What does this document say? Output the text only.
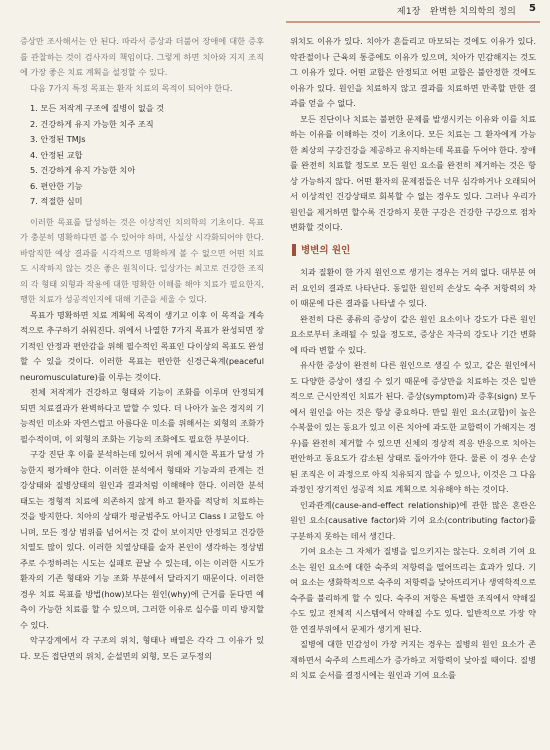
제1장 완벽한 치의학의 정의 5

증상만 조사해서는 안 된다. 따라서 증상과 더불어 장애에 대한 증후를 관찰하는 것이 검사자의 책임이다. 그렇게 하면 치아와 지지 조직에 가장 좋은 치료 계획을 설정할 수 있다.

다음 7가지 특정 목표는 환자 치료의 목적이 되어야 한다.

1. 모든 저작계 구조에 질병이 없을 것
2. 건강하게 유지 가능한 치주 조직
3. 안정된 TMJs
4. 안정된 교합
5. 건강하게 유지 가능한 치아
6. 편안한 기능
7. 적절한 심미

이러한 목표를 달성하는 것은 이상적인 치의학의 기초이다. 목표가 충분히 명확하다면 볼 수 있어야 하며, 사실상 시각화되어야 한다. 바람직한 예상 결과를 시각적으로 명확하게 볼 수 없으면 어떤 치료도 시작하지 않는 것은 좋은 원칙이다. 일상가는 최고로 건강한 조직의 각 형태 외형과 작용에 대한 명확한 이해를 해야 치료가 필요한지, 행한 치료가 성공적인지에 대해 기준을 세울 수 있다.

목표가 명확하면 치료 계획에 목적이 생기고 이후 이 목적을 계속적으로 추구하기 쉬워진다. 위에서 나열한 7가지 목표가 완성되면 장기적인 안정과 편안감을 위해 필수적인 목표인 다이상의 목표도 완성할 수 있을 것이다. 이러한 목표는 편안한 신경근육계(peaceful neuromusculature)를 이루는 것이다.

전체 저작계가 건강하고 형태와 기능이 조화를 이루며 안정되게 되면 치료결과가 완벽하다고 말할 수 있다. 더 나아가 높은 경지의 기능적인 미소와 자연스럽고 아름다운 미소를 위해서는 외형의 조화가 필수적이며, 이 외형의 조화는 기능의 조화에도 필요한 부분이다.

구강 진단 후 이를 분석하는데 있어서 위에 제시한 목표가 달성 가능한지 평가해야 한다. 이러한 분석에서 형태와 기능과의 관계는 건강상태와 질병상태의 원인과 결과처럼 이해해야 한다. 이러한 분석 태도는 정형적 치료에 의존하지 않게 하고 환자를 적당히 치료하는 것을 방지한다. 치아의 상태가 평균범주도 아니고 Class I 교합도 아니며, 모든 정상 범위를 넘어서는 것 같이 보이지만 안정되고 건강한 치열도 많이 있다. 이러한 치열상태를 술자 본인이 생각하는 정상범주로 수정하려는 시도는 실패로 끝날 수 있는데, 이는 이러한 시도가 환자의 기존 형태와 기능 조화 부분에서 달라지기 때문이다. 이러한 경우 치료 목표를 방법(how)보다는 원인(why)에 근거를 둔다면 예측이 가능한 치료를 할 수 있으며, 그러한 이유로 실수를 미리 방지할 수 있다.

악구강계에서 각 구조의 위치, 형태나 배열은 각각 그 이유가 있다. 모든 접단면의 위치, 순설면의 외형, 모든 교두정의

위치도 이유가 있다. 치아가 흔들리고 마모되는 것에도 이유가 있다. 악관절이나 근육의 통증에도 이유가 있으며, 치아가 민감해지는 것도 그 이유가 있다. 어떤 교합은 안정되고 어떤 교합은 불안정한 것에도 이유가 있다. 원인을 치료하지 않고 결과를 치료하면 만족할 만한 결과를 얻을 수 없다.

모든 진단이나 치료는 불편한 문제를 발생시키는 이유와 이를 치료하는 이유를 이해하는 것이 기초이다. 모든 치료는 그 환자에게 가능한 최상의 구강건강을 제공하고 유지하는데 목표를 두어야 한다. 장애를 완전히 치료할 정도로 모든 원인 요소를 완전히 제거하는 것은 항상 가능하지 않다. 어떤 환자의 문제점들은 너무 심각하거나 오래되어서 이상적인 건강상태로 회복할 수 없는 경우도 있다. 그러나 우리가 원인을 제거하면 할수록 건강하지 못한 구강은 건강한 구강으로 점차 변화할 것이다.

병변의 원인

치과 질환이 한 가지 원인으로 생기는 경우는 거의 없다. 대부분 여러 요인의 결과로 나타난다. 동일한 원인의 손상도 숙주 저항력의 차이 때문에 다른 결과를 나타낼 수 있다.

완전히 다른 종류의 증상이 같은 원인 요소이나 강도가 다른 원인 요소로부터 초래될 수 있을 정도로, 증상은 자극의 강도나 기간 변화에 따라 변할 수 있다.

유사한 증상이 완전히 다른 원인으로 생길 수 있고, 같은 원인에서도 다양한 증상이 생길 수 있기 때문에 증상만을 치료하는 것은 일반적으로 근시안적인 치료가 된다. 증상(symptom)과 증후(sign) 모두에서 원인을 아는 것은 항상 중요하다. 만일 원인 요소(교합)이 높은 수복물이 있는 동요가 있고 이른 치아에 과도한 교합력이 가해지는 경우)를 완전히 제거할 수 있으면 신체의 정상적 적응 반응으로 치아는 편안하고 동요도가 감소된 상태로 돌아가야 한다. 물론 이 경우 손상된 조직은 이 과정으로 아직 치유되지 않을 수 있으나, 이것은 그 다음과정인 장기적인 성공적 치료 계획으로 치유해야 하는 것이다.

인과관계(cause-and-effect relationship)에 관한 많은 혼란은 원인 요소(causative factor)와 기여 요소(contributing factor)를 구분하지 못하는 데서 생긴다.

기여 요소는 그 자체가 질병을 일으키지는 않는다. 오히려 기여 요소는 원인 요소에 대한 숙주의 저항력을 떨어뜨리는 효과가 있다. 기여 요소는 생화학적으로 숙주의 저항력을 낮아뜨리거나 생역학적으로 숙주를 불리하게 할 수 있다. 숙주의 저항은 특별한 조직에서 약해질 수도 있고 전체적 시스템에서 약해질 수도 있다. 일반적으로 가장 약한 연결부위에서 문제가 생기게 된다.

질병에 대한 민감성이 가장 커지는 경우는 질병의 원인 요소가 존재하면서 숙주의 스트레스가 증가하고 저항력이 낮아질 때이다. 질병의 치료 순서를 결정시에는 원인과 기여 요소를
